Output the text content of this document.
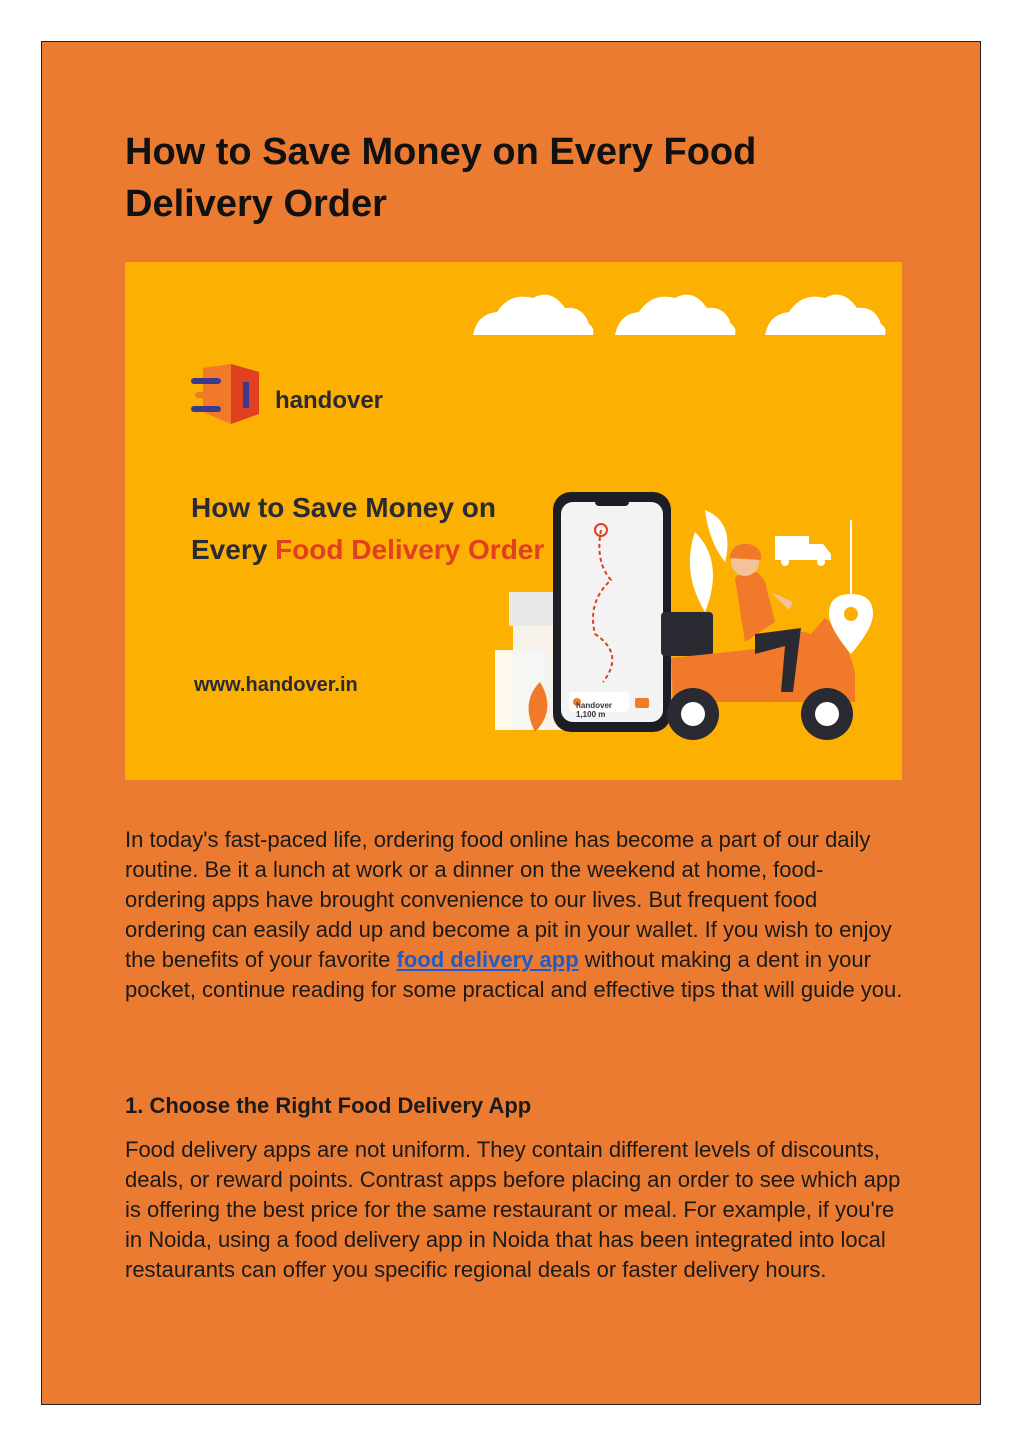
How to Save Money on Every Food Delivery Order
handover
How to Save Money on
Every Food Delivery Order
www.handover.in
handover
1,100 m

In today's fast-paced life, ordering food online has become a part of our daily routine. Be it a lunch at work or a dinner on the weekend at home, food-ordering apps have brought convenience to our lives. But frequent food ordering can easily add up and become a pit in your wallet. If you wish to enjoy the benefits of your favorite food delivery app without making a dent in your pocket, continue reading for some practical and effective tips that will guide you.

1. Choose the Right Food Delivery App

Food delivery apps are not uniform. They contain different levels of discounts, deals, or reward points. Contrast apps before placing an order to see which app is offering the best price for the same restaurant or meal. For example, if you're in Noida, using a food delivery app in Noida that has been integrated into local restaurants can offer you specific regional deals or faster delivery hours.
